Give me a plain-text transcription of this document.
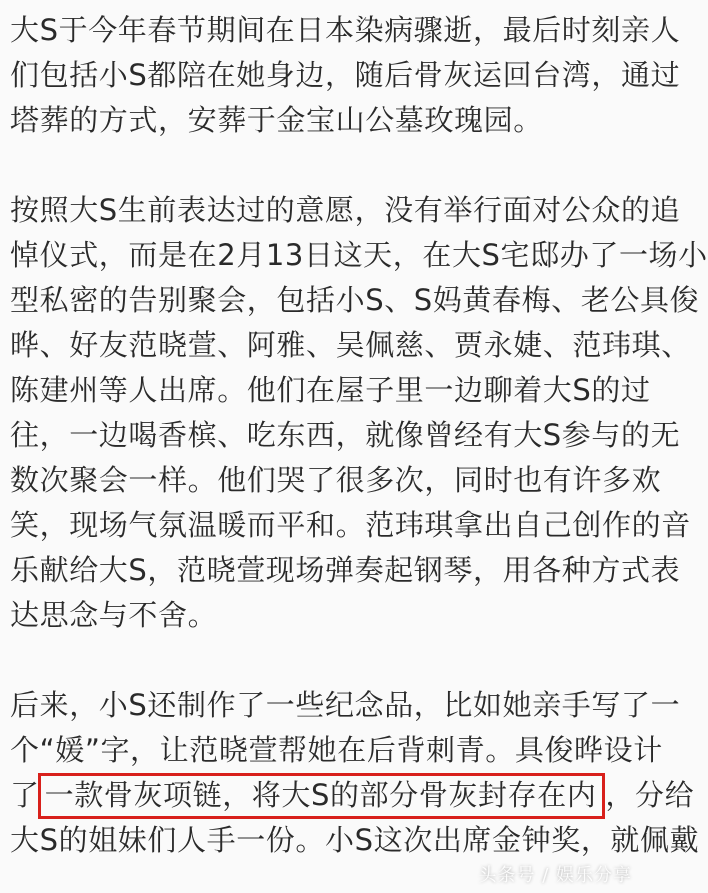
大S于今年春节期间在日本染病骤逝，最后时刻亲人
们包括小S都陪在她身边，随后骨灰运回台湾，通过
塔葬的方式，安葬于金宝山公墓玫瑰园。
按照大S生前表达过的意愿，没有举行面对公众的追
悼仪式，而是在2月13日这天，在大S宅邸办了一场小
型私密的告别聚会，包括小S、S妈黄春梅、老公具俊
晔、好友范晓萱、阿雅、吴佩慈、贾永婕、范玮琪、
陈建州等人出席。他们在屋子里一边聊着大S的过
往，一边喝香槟、吃东西，就像曾经有大S参与的无
数次聚会一样。他们哭了很多次，同时也有许多欢
笑，现场气氛温暖而平和。范玮琪拿出自己创作的音
乐献给大S，范晓萱现场弹奏起钢琴，用各种方式表
达思念与不舍。
后来，小S还制作了一些纪念品，比如她亲手写了一
个“媛”字，让范晓萱帮她在后背刺青。具俊晔设计
了 一款骨灰项链，将大S的部分骨灰封存在内 ，分给
大S的姐妹们人手一份。小S这次出席金钟奖，就佩戴
头条号 / 娱乐分享
